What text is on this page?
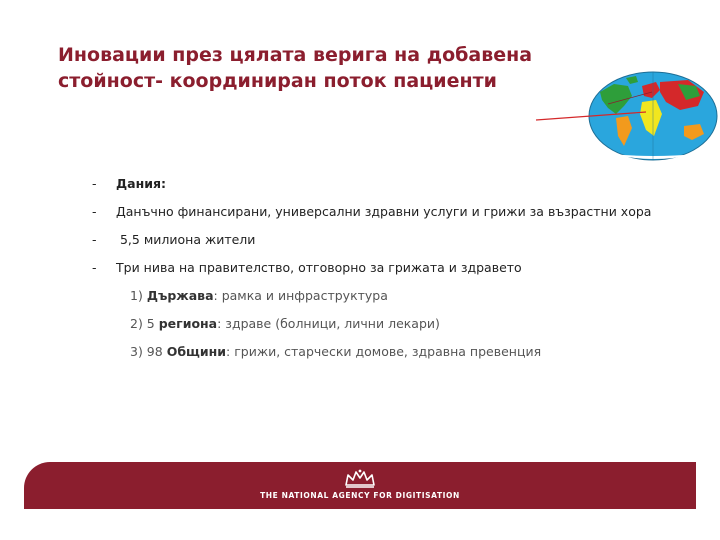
Иновации през цялата верига на добавена
стойност- координиран поток пациенти
- Дания:
- Данъчно финансирани, универсални здравни услуги и грижи за възрастни хора
- 5,5 милиона жители
- Три нива на правителство, отговорно за грижата и здравето
1) Държава: рамка и инфраструктура
2) 5 региона: здраве (болници, лични лекари)
3) 98 Общини: грижи, старчески домове, здравна превенция
THE NATIONAL AGENCY FOR DIGITISATION
